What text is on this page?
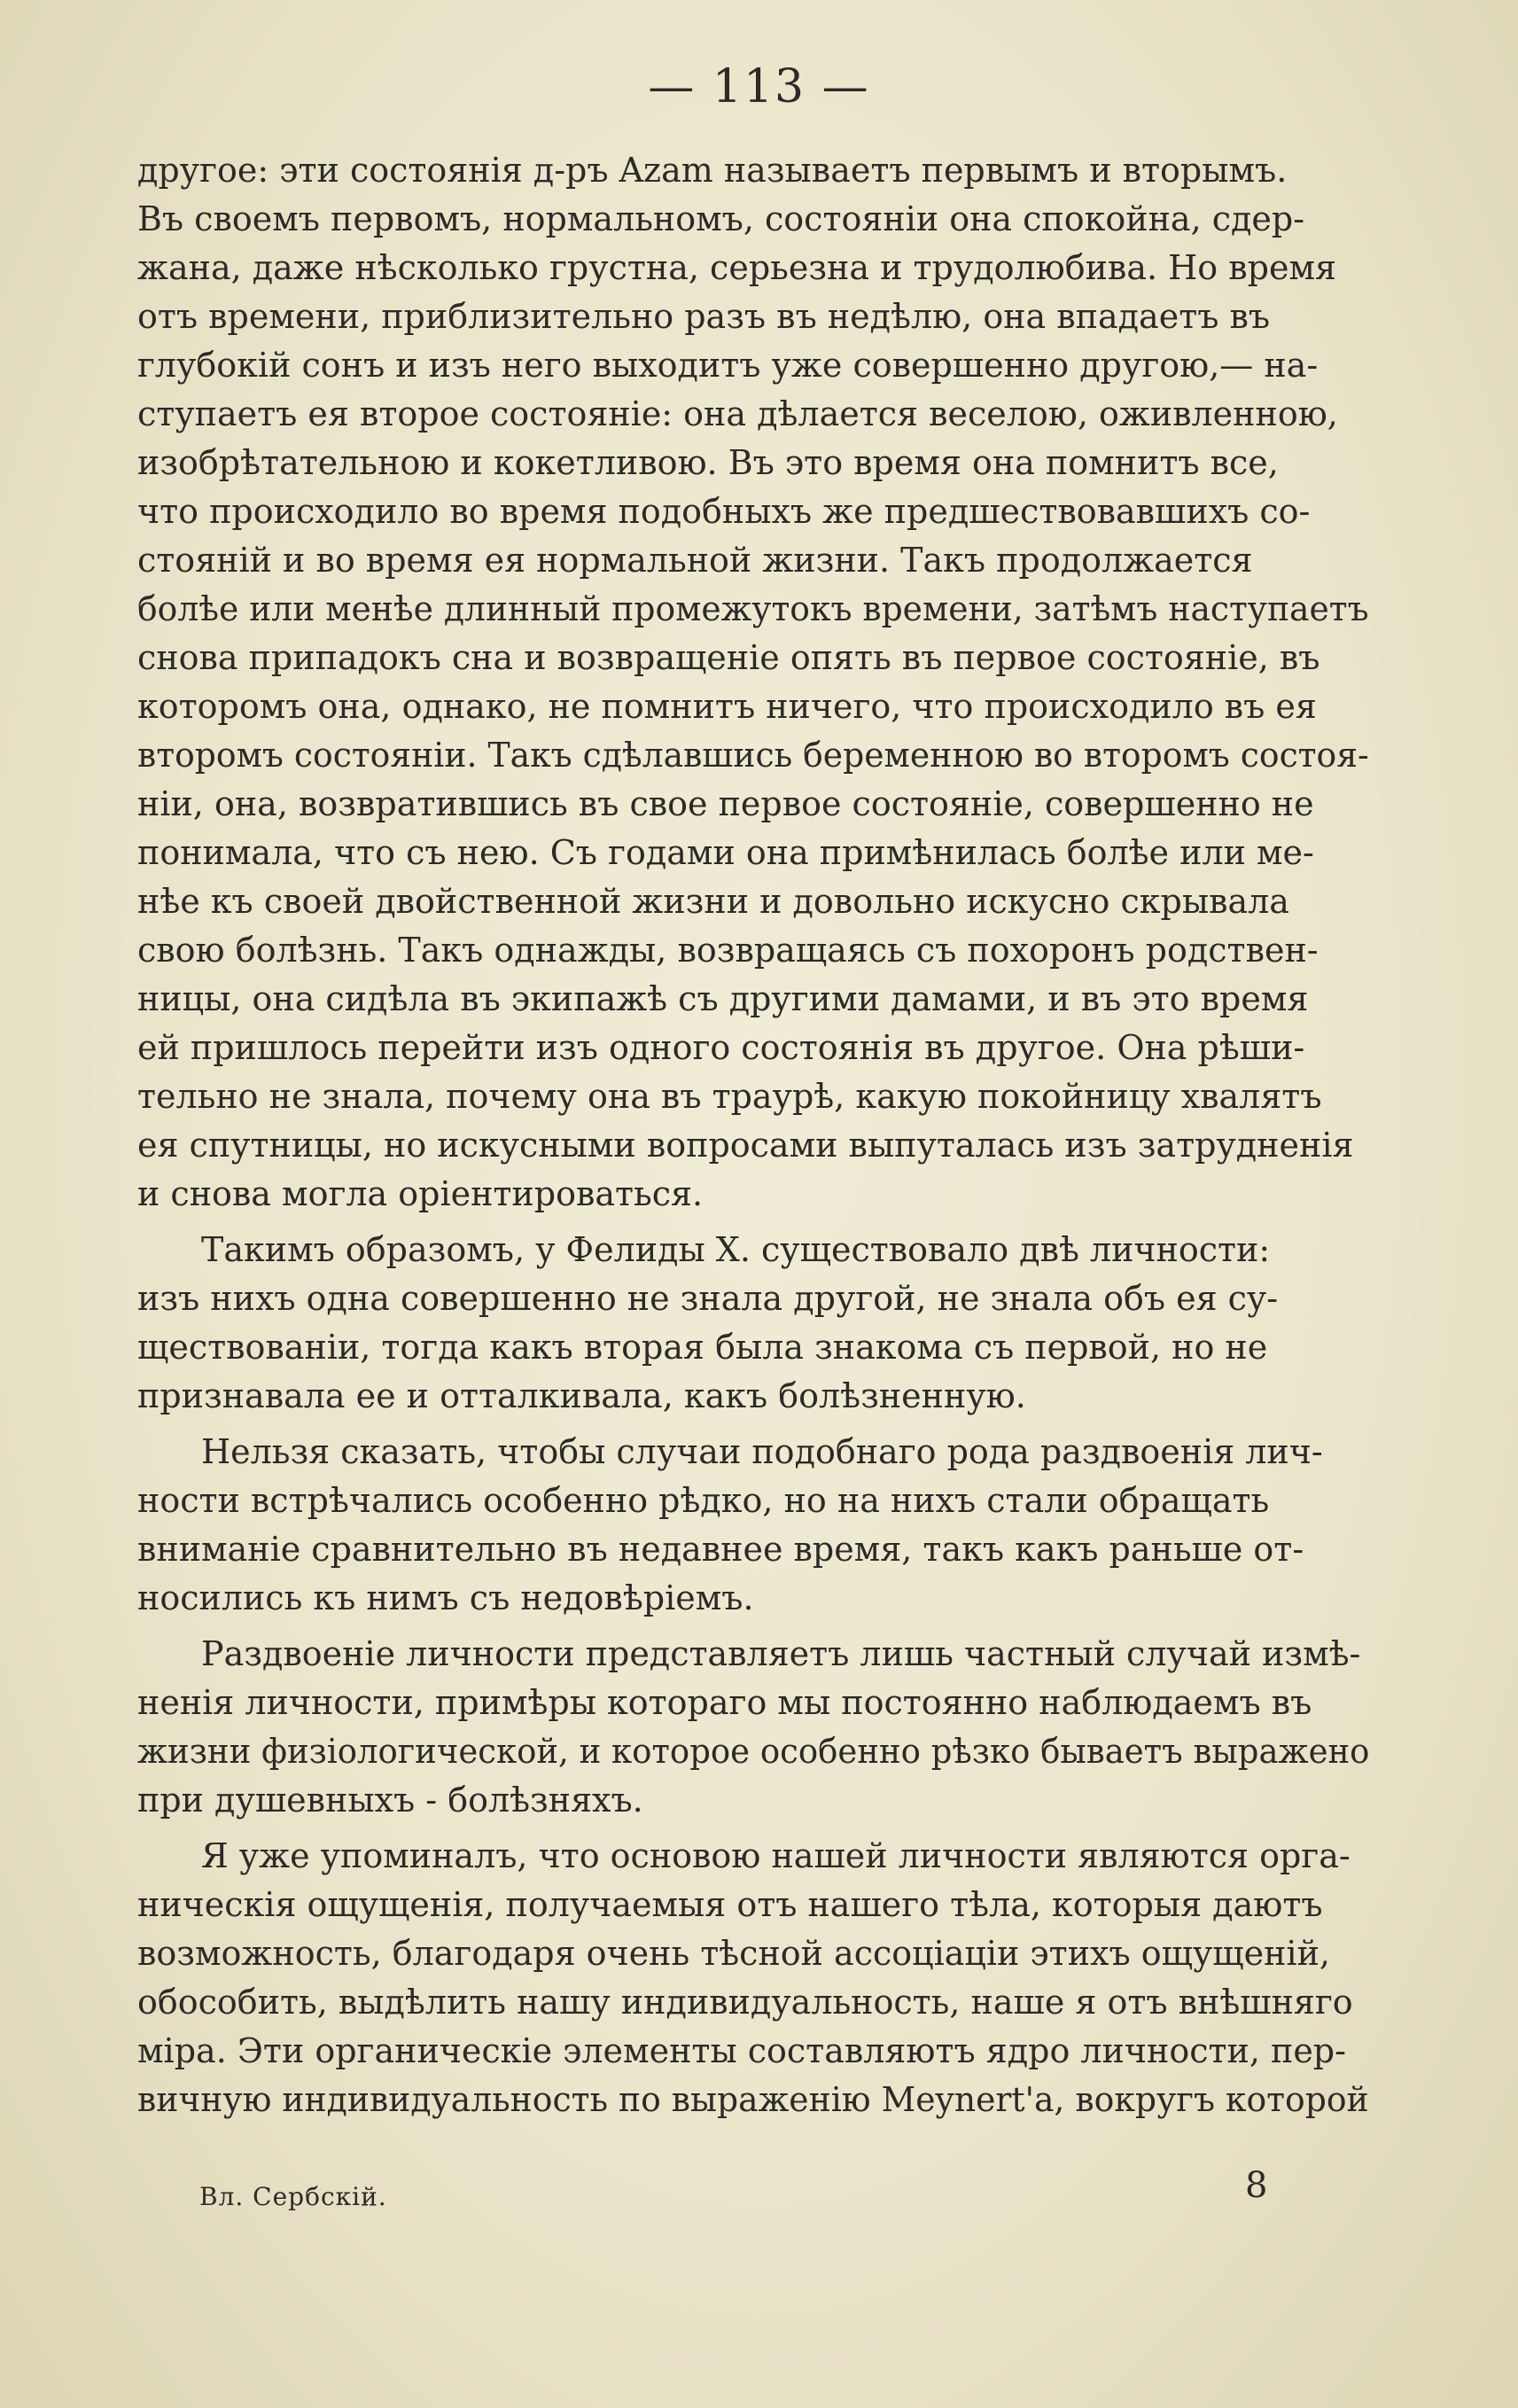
— 113 —

другое: эти состоянія д-ръ Azam называетъ первымъ и вторымъ.
Въ своемъ первомъ, нормальномъ, состояніи она спокойна, сдер-
жана, даже нѣсколько грустна, серьезна и трудолюбива. Но время
отъ времени, приблизительно разъ въ недѣлю, она впадаетъ въ
глубокій сонъ и изъ него выходитъ уже совершенно другою,— на-
ступаетъ ея второе состояніе: она дѣлается веселою, оживленною,
изобрѣтательною и кокетливою. Въ это время она помнитъ все,
что происходило во время подобныхъ же предшествовавшихъ со-
стояній и во время ея нормальной жизни. Такъ продолжается
болѣе или менѣе длинный промежутокъ времени, затѣмъ наступаетъ
снова припадокъ сна и возвращеніе опять въ первое состояніе, въ
которомъ она, однако, не помнитъ ничего, что происходило въ ея
второмъ состояніи. Такъ сдѣлавшись беременною во второмъ состоя-
ніи, она, возвратившись въ свое первое состояніе, совершенно не
понимала, что съ нею. Съ годами она примѣнилась болѣе или ме-
нѣе къ своей двойственной жизни и довольно искусно скрывала
свою болѣзнь. Такъ однажды, возвращаясь съ похоронъ родствен-
ницы, она сидѣла въ экипажѣ съ другими дамами, и въ это время
ей пришлось перейти изъ одного состоянія въ другое. Она рѣши-
тельно не знала, почему она въ траурѣ, какую покойницу хвалятъ
ея спутницы, но искусными вопросами выпуталась изъ затрудненія
и снова могла оріентироваться.

Такимъ образомъ, у Фелиды X. существовало двѣ личности:
изъ нихъ одна совершенно не знала другой, не знала объ ея су-
ществованіи, тогда какъ вторая была знакома съ первой, но не
признавала ее и отталкивала, какъ болѣзненную.

Нельзя сказать, чтобы случаи подобнаго рода раздвоенія лич-
ности встрѣчались особенно рѣдко, но на нихъ стали обращать
вниманіе сравнительно въ недавнее время, такъ какъ раньше от-
носились къ нимъ съ недовѣріемъ.

Раздвоеніе личности представляетъ лишь частный случай измѣ-
ненія личности, примѣры котораго мы постоянно наблюдаемъ въ
жизни физіологической, и которое особенно рѣзко бываетъ выражено
при душевныхъ - болѣзняхъ.

Я уже упоминалъ, что основою нашей личности являются орга-
ническія ощущенія, получаемыя отъ нашего тѣла, которыя даютъ
возможность, благодаря очень тѣсной ассоціаціи этихъ ощущеній,
обособить, выдѣлить нашу индивидуальность, наше я отъ внѣшняго
міра. Эти органическіе элементы составляютъ ядро личности, пер-
вичную индивидуальность по выраженію Meynert'a, вокругъ которой

Вл. Сербскій.	8
